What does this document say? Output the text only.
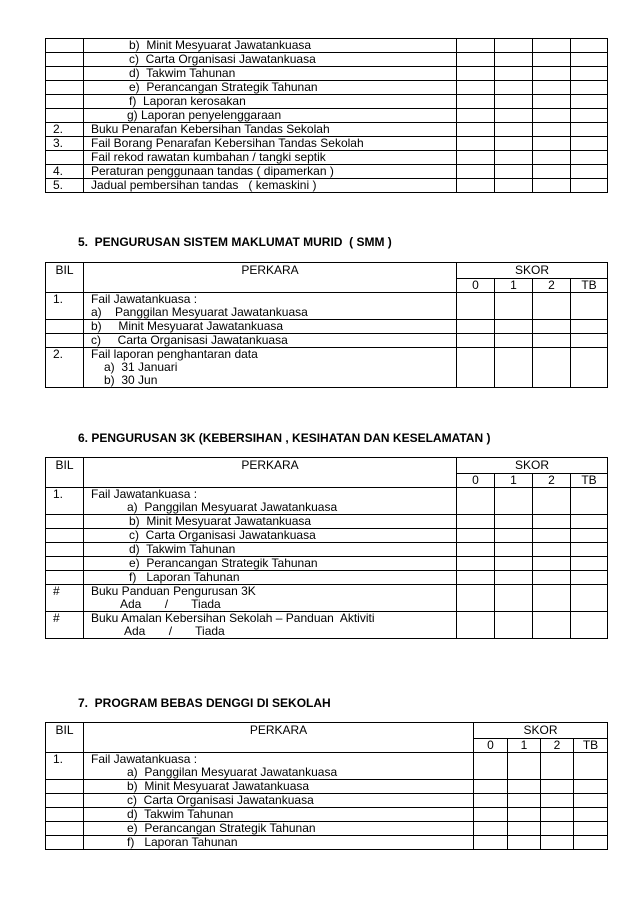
	b)  Minit Mesyuarat Jawatankuasa				

	c)  Carta Organisasi Jawatankuasa				

	d)  Takwim Tahunan				

	e)  Perancangan Strategik Tahunan				

	f)  Laporan kerosakan				

	g) Laporan penyelenggaraan				

2.	Buku Penarafan Kebersihan Tandas Sekolah				

3.	Fail Borang Penarafan Kebersihan Tandas Sekolah				

	Fail rekod rawatan kumbahan / tangki septik				

4.	Peraturan penggunaan tandas ( dipamerkan )				

5.	Jadual pembersihan tandas   ( kemaskini )				

5.  PENGURUSAN SISTEM MAKLUMAT MURID  ( SMM )
BIL	PERKARA	SKOR			

		0	1	2	TB

1.	Fail Jawatankuasa :
a)    Panggilan Mesyuarat Jawatankuasa				

	b)     Minit Mesyuarat Jawatankuasa				

	c)     Carta Organisasi Jawatankuasa				

2.	Fail laporan penghantaran data
a)  31 Januari
b)  30 Jun				

6. PENGURUSAN 3K (KEBERSIHAN , KESIHATAN DAN KESELAMATAN )
BIL	PERKARA	SKOR			

		0	1	2	TB

1.	Fail Jawatankuasa :
a)  Panggilan Mesyuarat Jawatankuasa				

	b)  Minit Mesyuarat Jawatankuasa				

	c)  Carta Organisasi Jawatankuasa				

	d)  Takwim Tahunan				

	e)  Perancangan Strategik Tahunan				

	f)   Laporan Tahunan				

#	Buku Panduan Pengurusan 3K
Ada       /       Tiada				

#	Buku Amalan Kebersihan Sekolah – Panduan  Aktiviti
Ada       /       Tiada				

7.  PROGRAM BEBAS DENGGI DI SEKOLAH
BIL	PERKARA	SKOR			

		0	1	2	TB

1.	Fail Jawatankuasa :
a)  Panggilan Mesyuarat Jawatankuasa				

	b)  Minit Mesyuarat Jawatankuasa				

	c)  Carta Organisasi Jawatankuasa				

	d)  Takwim Tahunan				

	e)  Perancangan Strategik Tahunan				

	f)   Laporan Tahunan				
